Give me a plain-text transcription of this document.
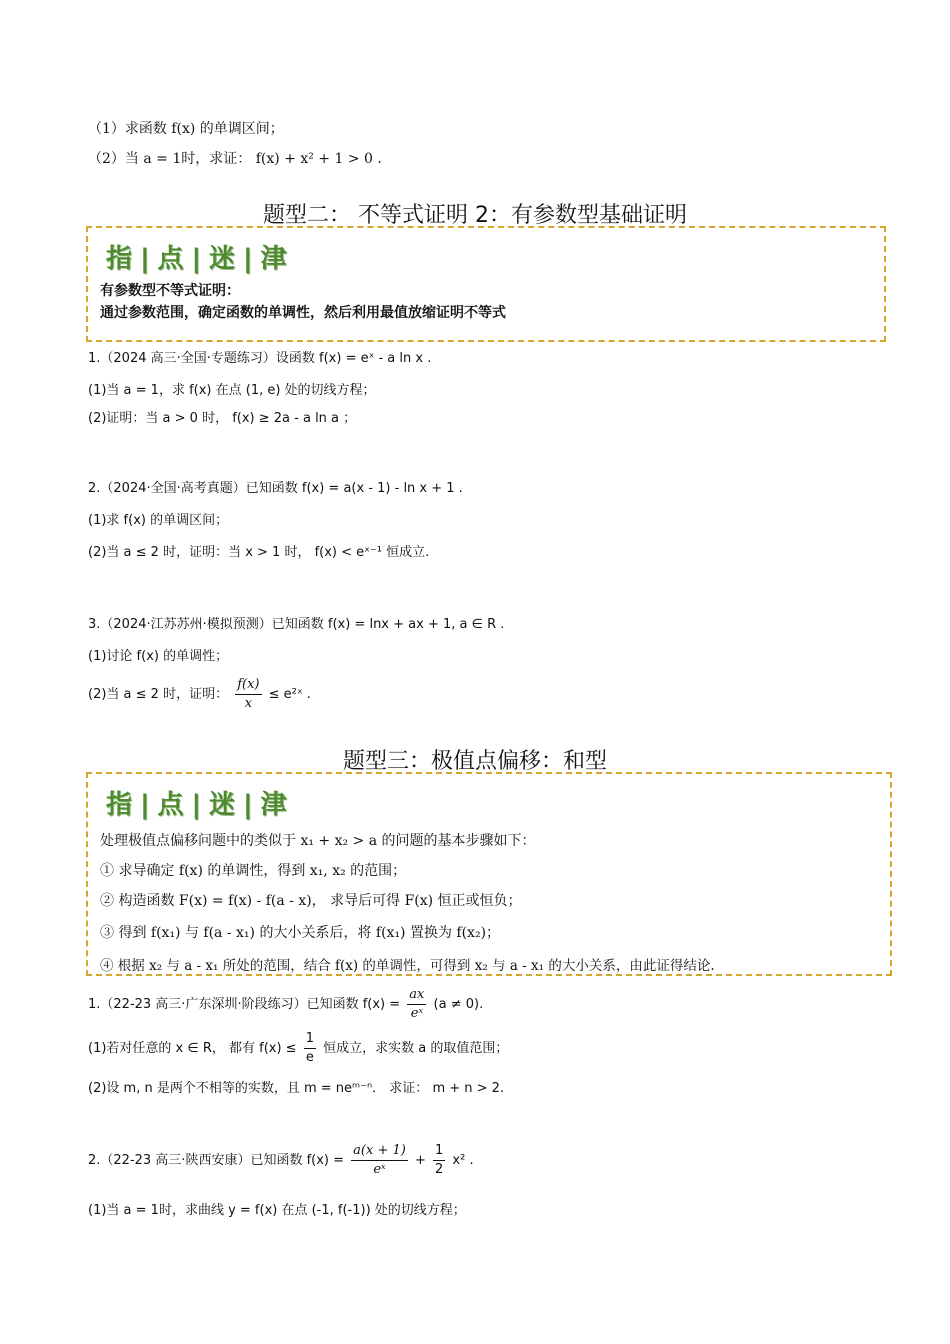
（1）求函数 f(x) 的单调区间；
（2）当 a = 1时，求证： f(x) + x² + 1 > 0 .
题型二： 不等式证明 2：有参数型基础证明
指 | 点 | 迷 | 津
有参数型不等式证明：
通过参数范围，确定函数的单调性，然后利用最值放缩证明不等式
1.（2024 高三·全国·专题练习）设函数 f(x) = eˣ - a ln x .
(1)当 a = 1，求 f(x) 在点 (1, e) 处的切线方程；
(2)证明：当 a > 0 时， f(x) ≥ 2a - a ln a ；
2.（2024·全国·高考真题）已知函数 f(x) = a(x - 1) - ln x + 1 .
(1)求 f(x) 的单调区间；
(2)当 a ≤ 2 时，证明：当 x > 1 时， f(x) < eˣ⁻¹ 恒成立.
3.（2024·江苏苏州·模拟预测）已知函数 f(x) = lnx + ax + 1, a ∈ R .
(1)讨论 f(x) 的单调性；
(2)当 a ≤ 2 时，证明： $\frac{f(x)}{x}$ ≤ e²ˣ .
题型三：极值点偏移：和型
指 | 点 | 迷 | 津
处理极值点偏移问题中的类似于 x₁ + x₂ > a 的问题的基本步骤如下：
① 求导确定 f(x) 的单调性，得到 x₁, x₂ 的范围；
② 构造函数 F(x) = f(x) - f(a - x)， 求导后可得 F(x) 恒正或恒负；
③ 得到 f(x₁) 与 f(a - x₁) 的大小关系后，将 f(x₁) 置换为 f(x₂)；
④ 根据 x₂ 与 a - x₁ 所处的范围，结合 f(x) 的单调性，可得到 x₂ 与 a - x₁ 的大小关系，由此证得结论.
1.（22-23 高三·广东深圳·阶段练习）已知函数 $f(x) = \frac{ax}{\text{eˣ}} (a \ne 0)$.
(1)若对任意的 x ∈ R， 都有 $f(x) \le \frac{1}{e}$ 恒成立，求实数 a 的取值范围；
(2)设 m, n 是两个不相等的实数，且 m = neᵐ⁻ⁿ． 求证： m + n > 2.
2.（22-23 高三·陕西安康）已知函数 $f(x) = \frac{a(x + 1)}{\text{eˣ}} + \frac{1}{2} x^2$ .
(1)当 a = 1时，求曲线 y = f(x) 在点 (-1, f(-1)) 处的切线方程；
